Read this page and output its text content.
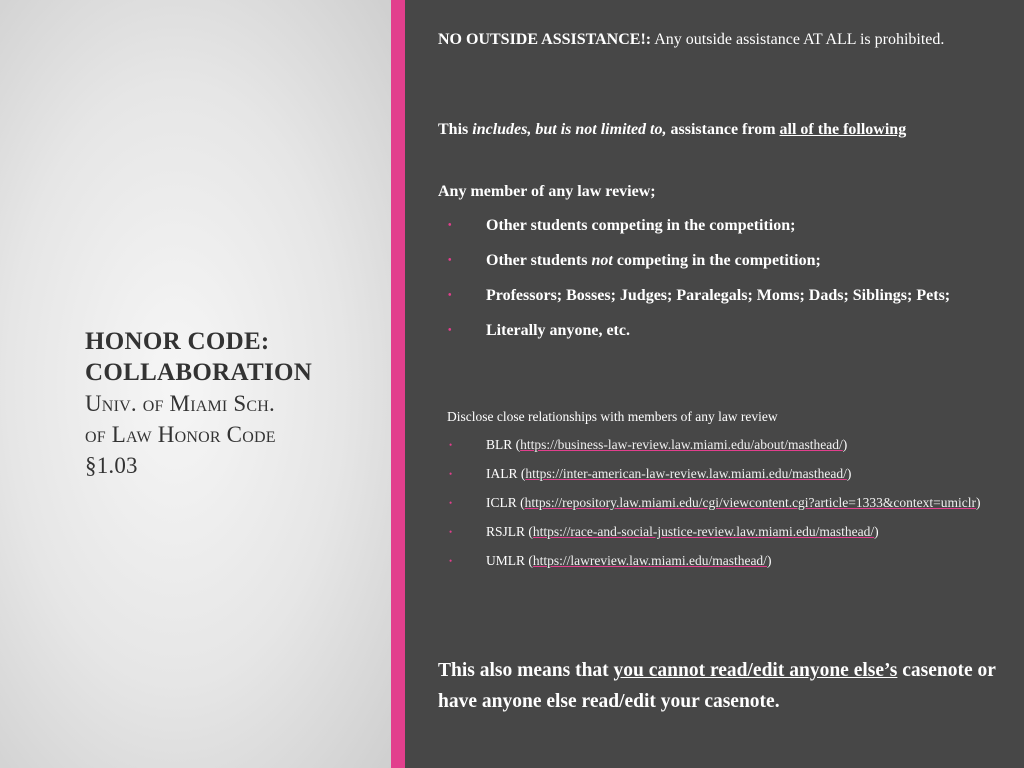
HONOR CODE:
COLLABORATION
Univ. of Miami Sch.
of Law Honor Code
§1.03
NO OUTSIDE ASSISTANCE!: Any outside assistance AT ALL is prohibited.
This includes, but is not limited to, assistance from all of the following
Any member of any law review;
• Other students competing in the competition;
• Other students not competing in the competition;
• Professors; Bosses; Judges; Paralegals; Moms; Dads; Siblings; Pets;
• Literally anyone, etc.
Disclose close relationships with members of any law review
•	BLR (https://business-law-review.law.miami.edu/about/masthead/)
•	IALR (https://inter-american-law-review.law.miami.edu/masthead/)
•	ICLR (https://repository.law.miami.edu/cgi/viewcontent.cgi?article=1333&context=umiclr)
•	RSJLR (https://race-and-social-justice-review.law.miami.edu/masthead/)
•	UMLR (https://lawreview.law.miami.edu/masthead/)
This also means that you cannot read/edit anyone else’s casenote or have anyone else read/edit your casenote.
